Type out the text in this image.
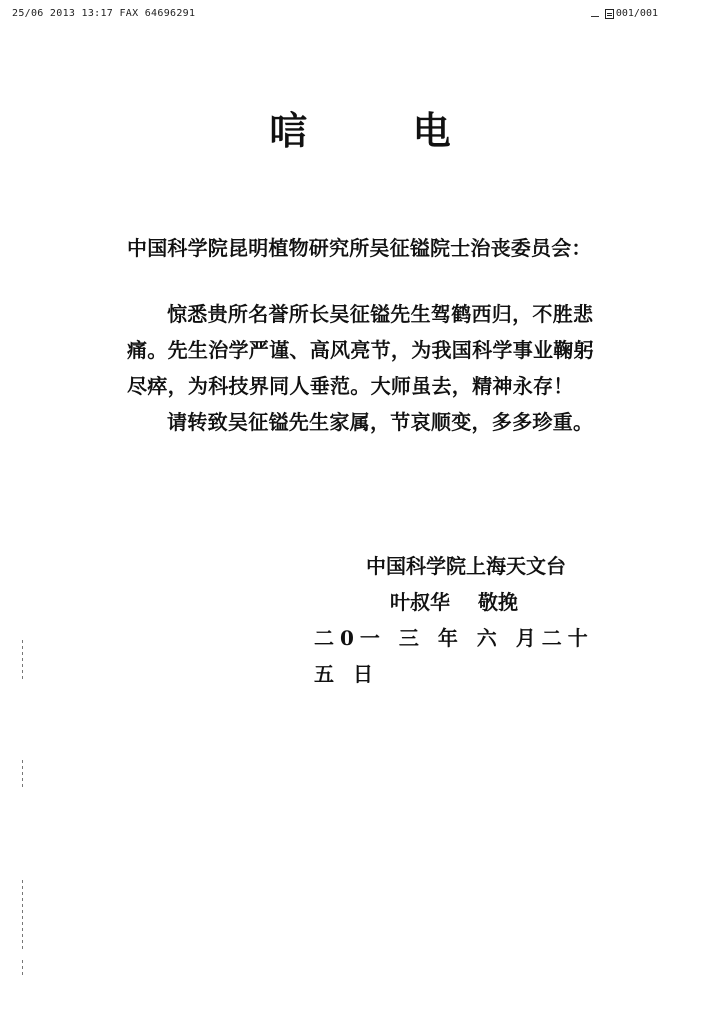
25/06 2013 13:17 FAX 64696291	001/001
唁 电
中国科学院昆明植物研究所吴征镒院士治丧委员会：

惊悉贵所名誉所长吴征镒先生驾鹤西归，不胜悲痛。先生治学严谨、高风亮节，为我国科学事业鞠躬尽瘁，为科技界同人垂范。大师虽去，精神永存！

请转致吴征镒先生家属，节哀顺变，多多珍重。

中国科学院上海天文台
叶叔华 敬挽
二0一 三 年 六 月二十五 日
